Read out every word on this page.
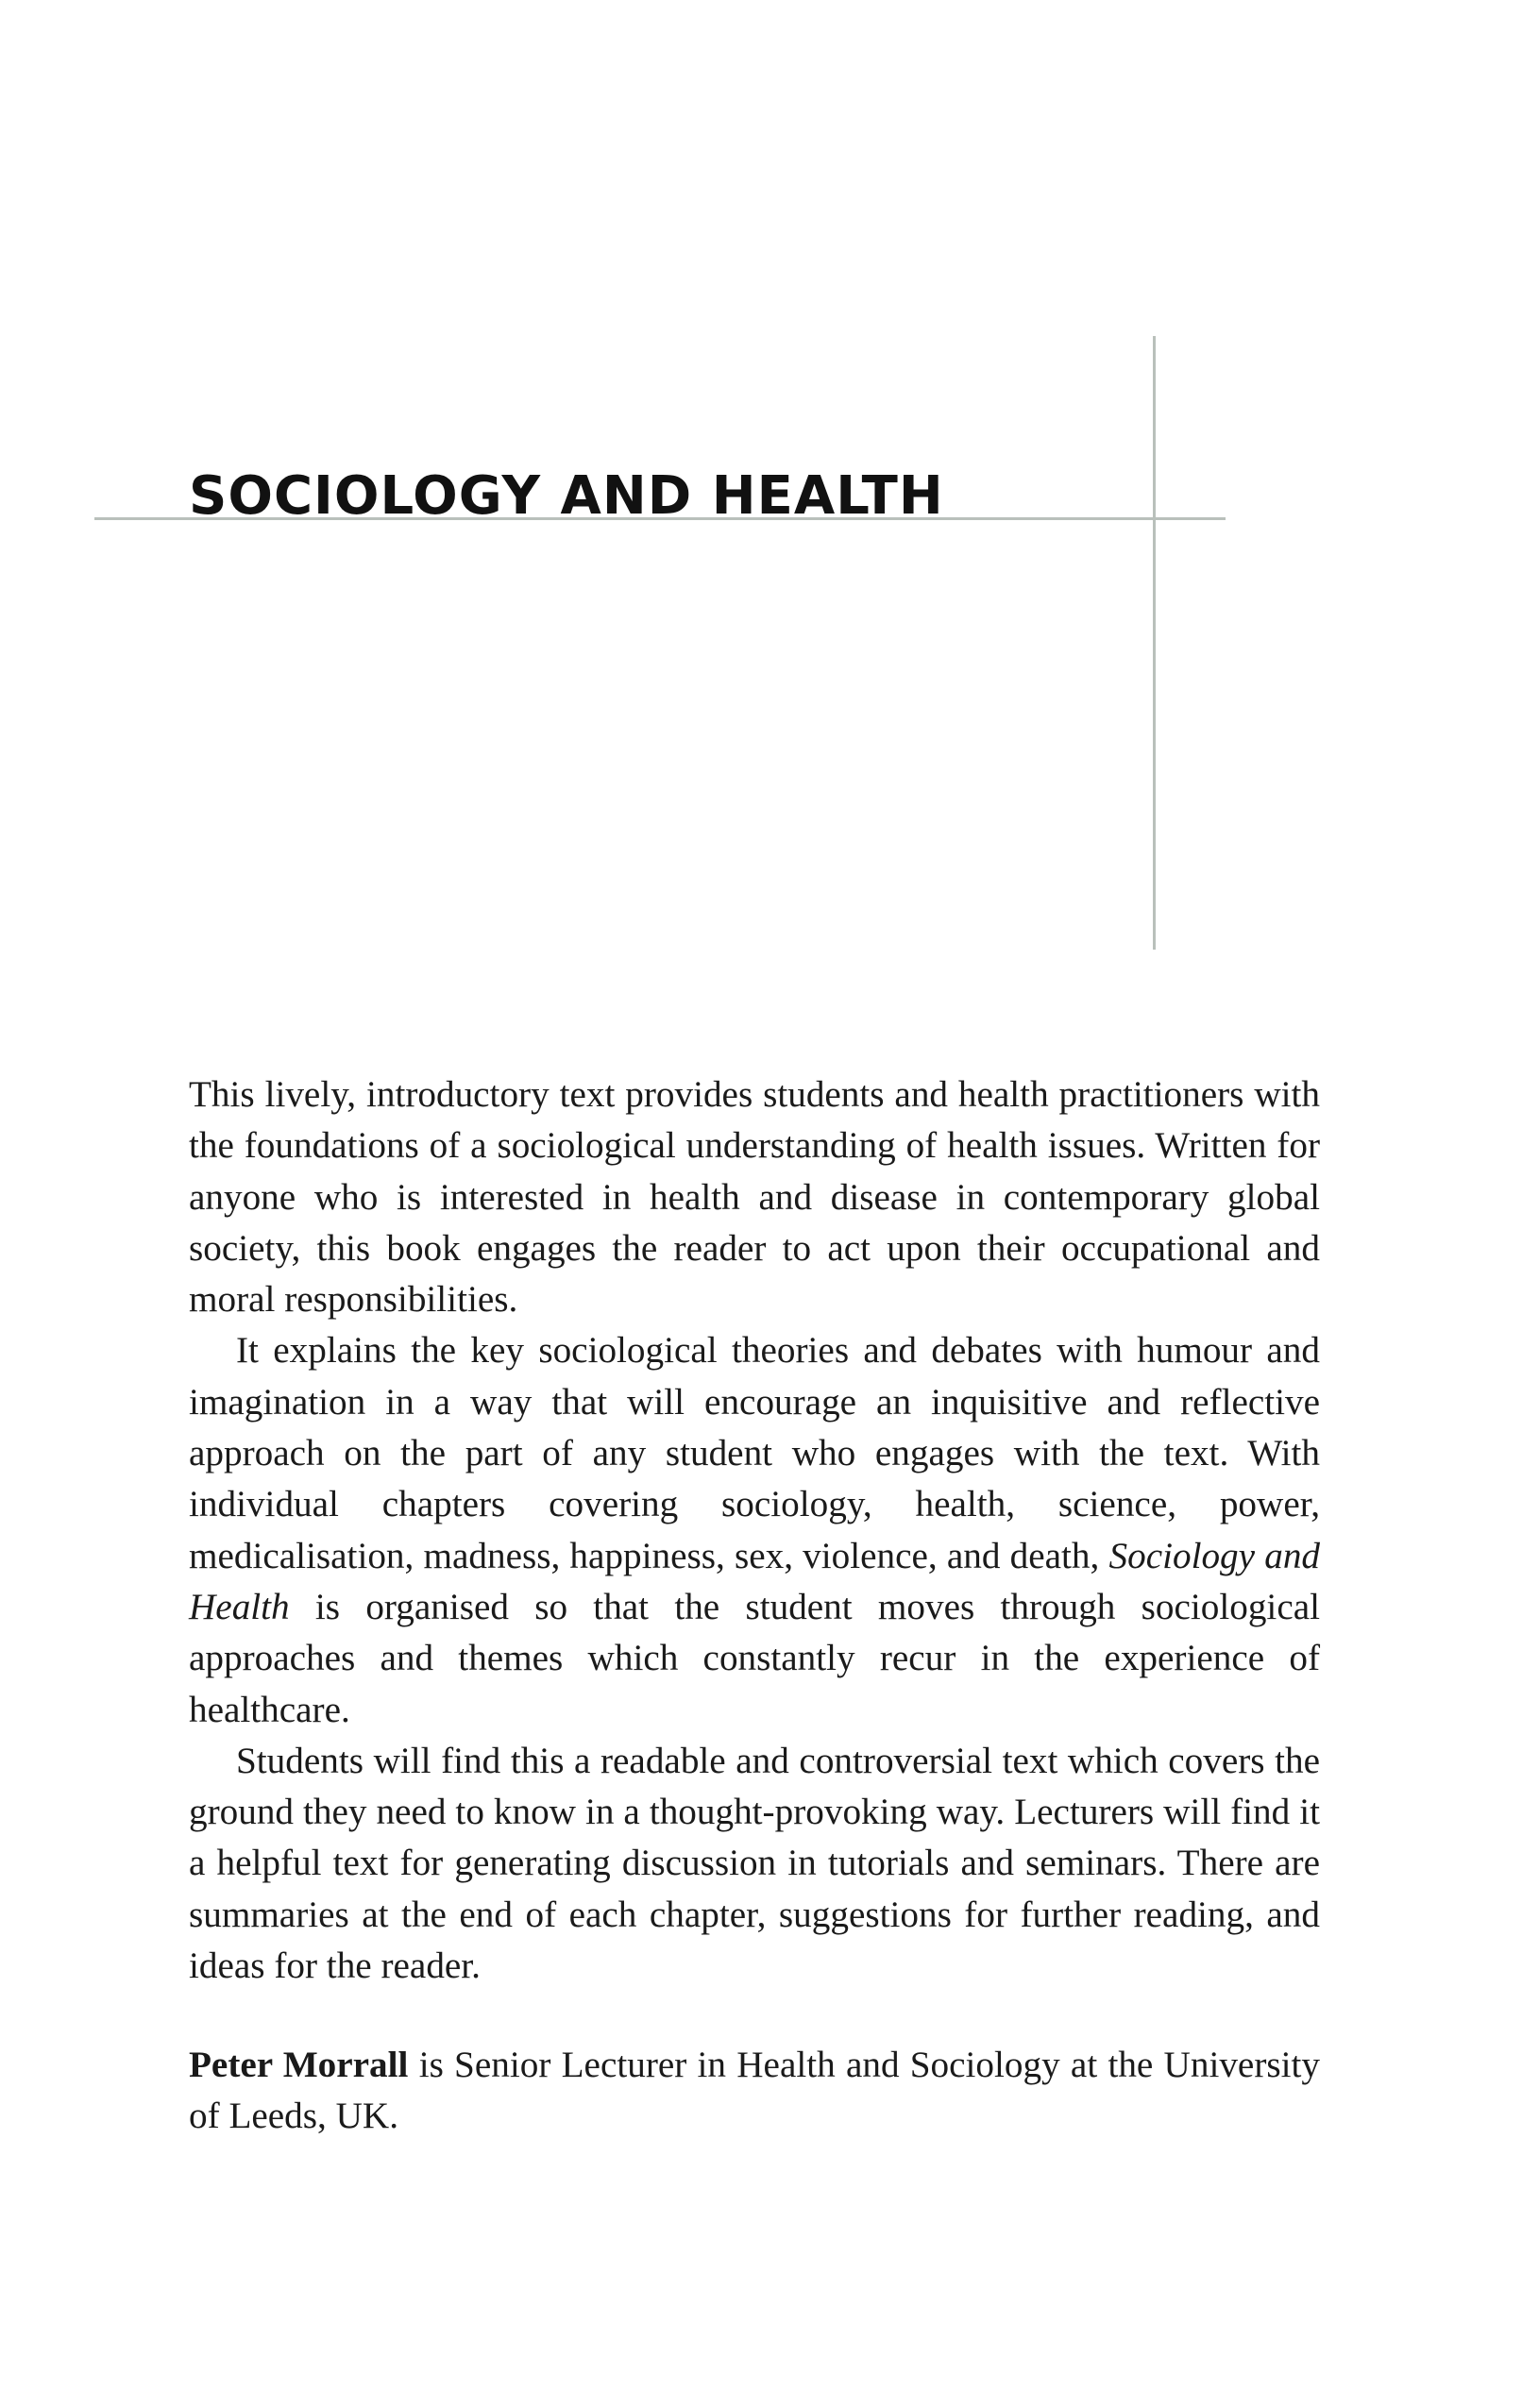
SOCIOLOGY AND HEALTH

This lively, introductory text provides students and health practitioners with the foundations of a sociological understanding of health issues. Written for anyone who is interested in health and disease in contemporary global society, this book engages the reader to act upon their occupational and moral responsibilities.

It explains the key sociological theories and debates with humour and imagination in a way that will encourage an inquisitive and reflective approach on the part of any student who engages with the text. With individual chapters covering sociology, health, science, power, medicalisation, madness, happiness, sex, violence, and death, Sociology and Health is organised so that the student moves through sociological approaches and themes which constantly recur in the experience of healthcare.

Students will find this a readable and controversial text which covers the ground they need to know in a thought-provoking way. Lecturers will find it a helpful text for generating discussion in tutorials and seminars. There are summaries at the end of each chapter, suggestions for further reading, and ideas for the reader.

Peter Morrall is Senior Lecturer in Health and Sociology at the University of Leeds, UK.
